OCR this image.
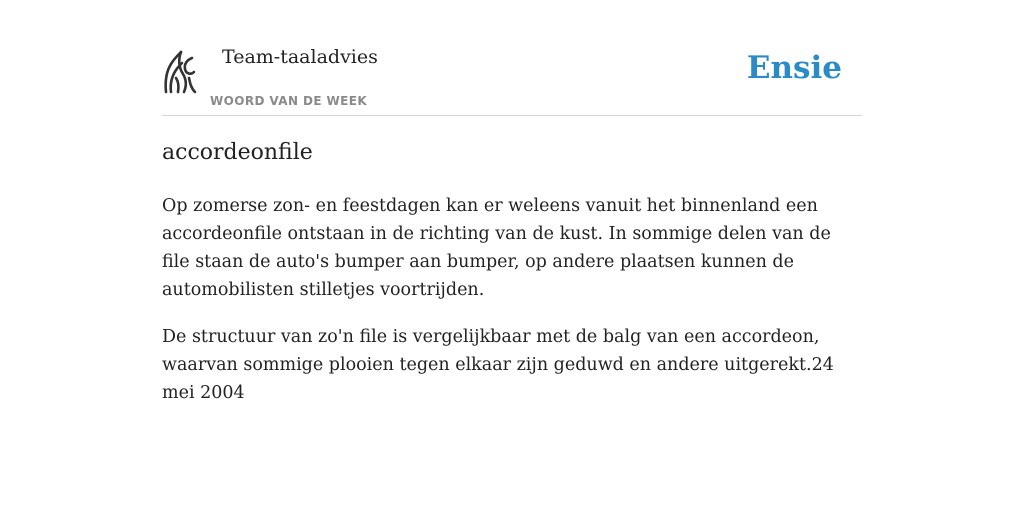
Team-taaladvies
WOORD VAN DE WEEK
Ensie
accordeonfile

Op zomerse zon- en feestdagen kan er weleens vanuit het binnenland een accordeonfile ontstaan in de richting van de kust. In sommige delen van de file staan de auto's bumper aan bumper, op andere plaatsen kunnen de automobilisten stilletjes voortrijden.

De structuur van zo'n file is vergelijkbaar met de balg van een accordeon, waarvan sommige plooien tegen elkaar zijn geduwd en andere uitgerekt.24 mei 2004
